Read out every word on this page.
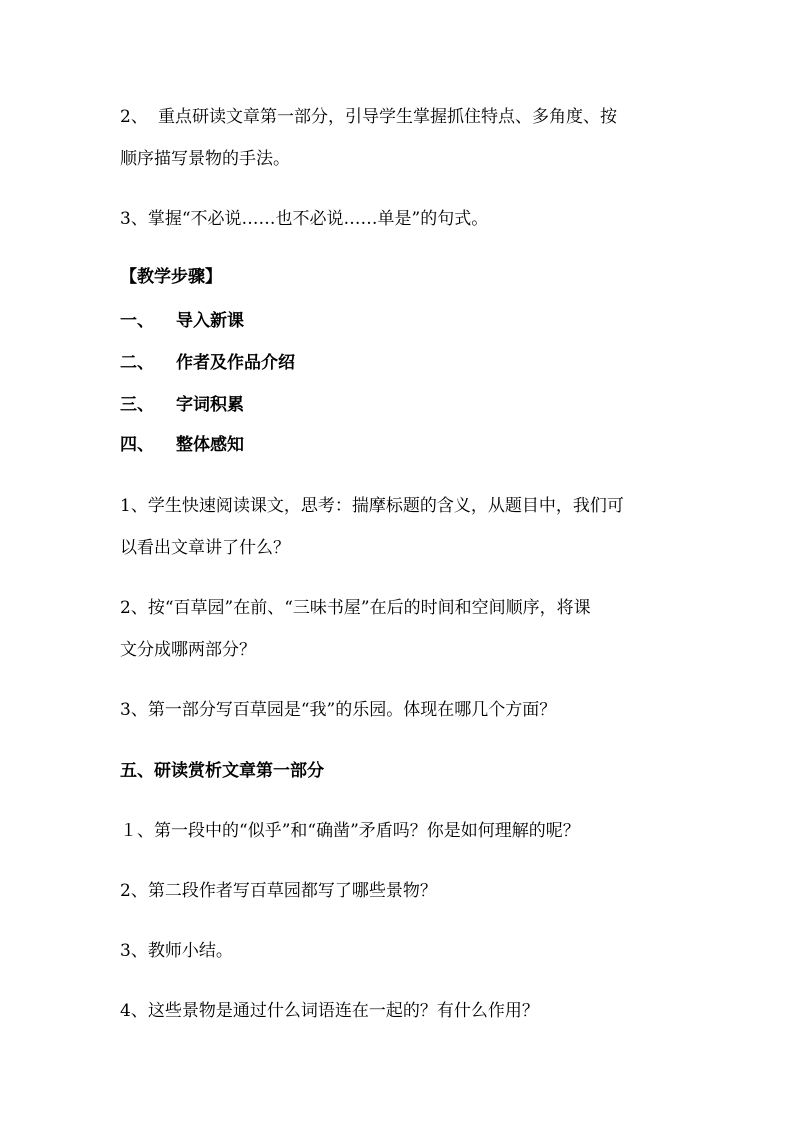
2、 重点研读文章第一部分，引导学生掌握抓住特点、多角度、按
顺序描写景物的手法。
3、掌握“不必说……也不必说……单是”的句式。
【教学步骤】
一、 导入新课
二、 作者及作品介绍
三、 字词积累
四、 整体感知
1、学生快速阅读课文，思考：揣摩标题的含义，从题目中，我们可
以看出文章讲了什么？
2、按“百草园”在前、“三味书屋”在后的时间和空间顺序，将课
文分成哪两部分？
3、第一部分写百草园是“我”的乐园。体现在哪几个方面？
五、研读赏析文章第一部分
１、第一段中的“似乎”和“确凿”矛盾吗？你是如何理解的呢？
2、第二段作者写百草园都写了哪些景物？
3、教师小结。
4、这些景物是通过什么词语连在一起的？有什么作用？
